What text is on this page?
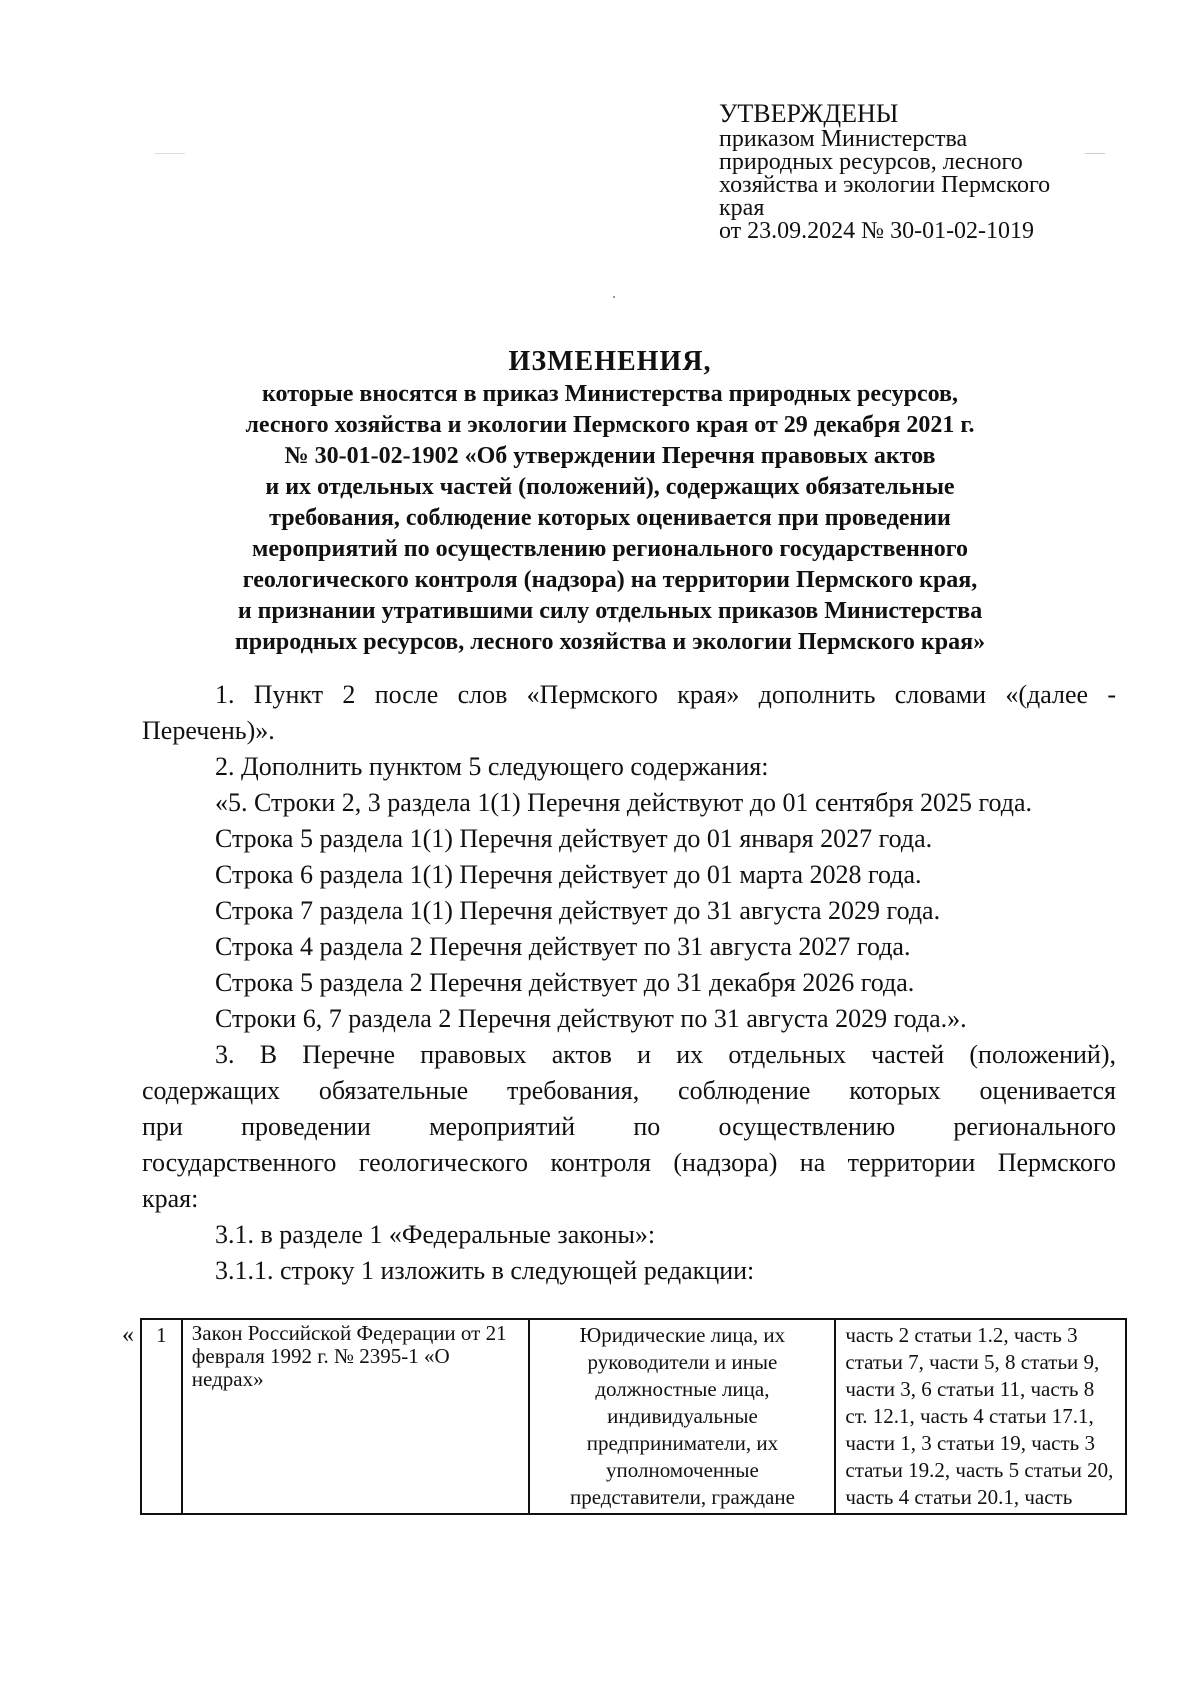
УТВЕРЖДЕНЫ
приказом Министерства
природных ресурсов, лесного
хозяйства и экологии Пермского
края
от 23.09.2024 № 30-01-02-1019
ИЗМЕНЕНИЯ,
которые вносятся в приказ Министерства природных ресурсов,
лесного хозяйства и экологии Пермского края от 29 декабря 2021 г.
№ 30-01-02-1902 «Об утверждении Перечня правовых актов
и их отдельных частей (положений), содержащих обязательные
требования, соблюдение которых оценивается при проведении
мероприятий по осуществлению регионального государственного
геологического контроля (надзора) на территории Пермского края,
и признании утратившими силу отдельных приказов Министерства
природных ресурсов, лесного хозяйства и экологии Пермского края»
1. Пункт 2 после слов «Пермского края» дополнить словами «(далее -
Перечень)».
2. Дополнить пунктом 5 следующего содержания:
«5. Строки 2, 3 раздела 1(1) Перечня действуют до 01 сентября 2025 года.
Строка 5 раздела 1(1) Перечня действует до 01 января 2027 года.
Строка 6 раздела 1(1) Перечня действует до 01 марта 2028 года.
Строка 7 раздела 1(1) Перечня действует до 31 августа 2029 года.
Строка 4 раздела 2 Перечня действует по 31 августа 2027 года.
Строка 5 раздела 2 Перечня действует до 31 декабря 2026 года.
Строки 6, 7 раздела 2 Перечня действуют по 31 августа 2029 года.».
3. В Перечне правовых актов и их отдельных частей (положений),
содержащих обязательные требования, соблюдение которых оценивается
при проведении мероприятий по осуществлению регионального
государственного геологического контроля (надзора) на территории Пермского
края:
3.1. в разделе 1 «Федеральные законы»:
3.1.1. строку 1 изложить в следующей редакции:
« 1	Закон Российской Федерации от 21 февраля 1992 г. № 2395-1 «О недрах»	Юридические лица, их руководители и иные должностные лица, индивидуальные предприниматели, их уполномоченные представители, граждане	часть 2 статьи 1.2, часть 3 статьи 7, части 5, 8 статьи 9, части 3, 6 статьи 11, часть 8 ст. 12.1, часть 4 статьи 17.1, части 1, 3 статьи 19, часть 3 статьи 19.2, часть 5 статьи 20, часть 4 статьи 20.1, часть
